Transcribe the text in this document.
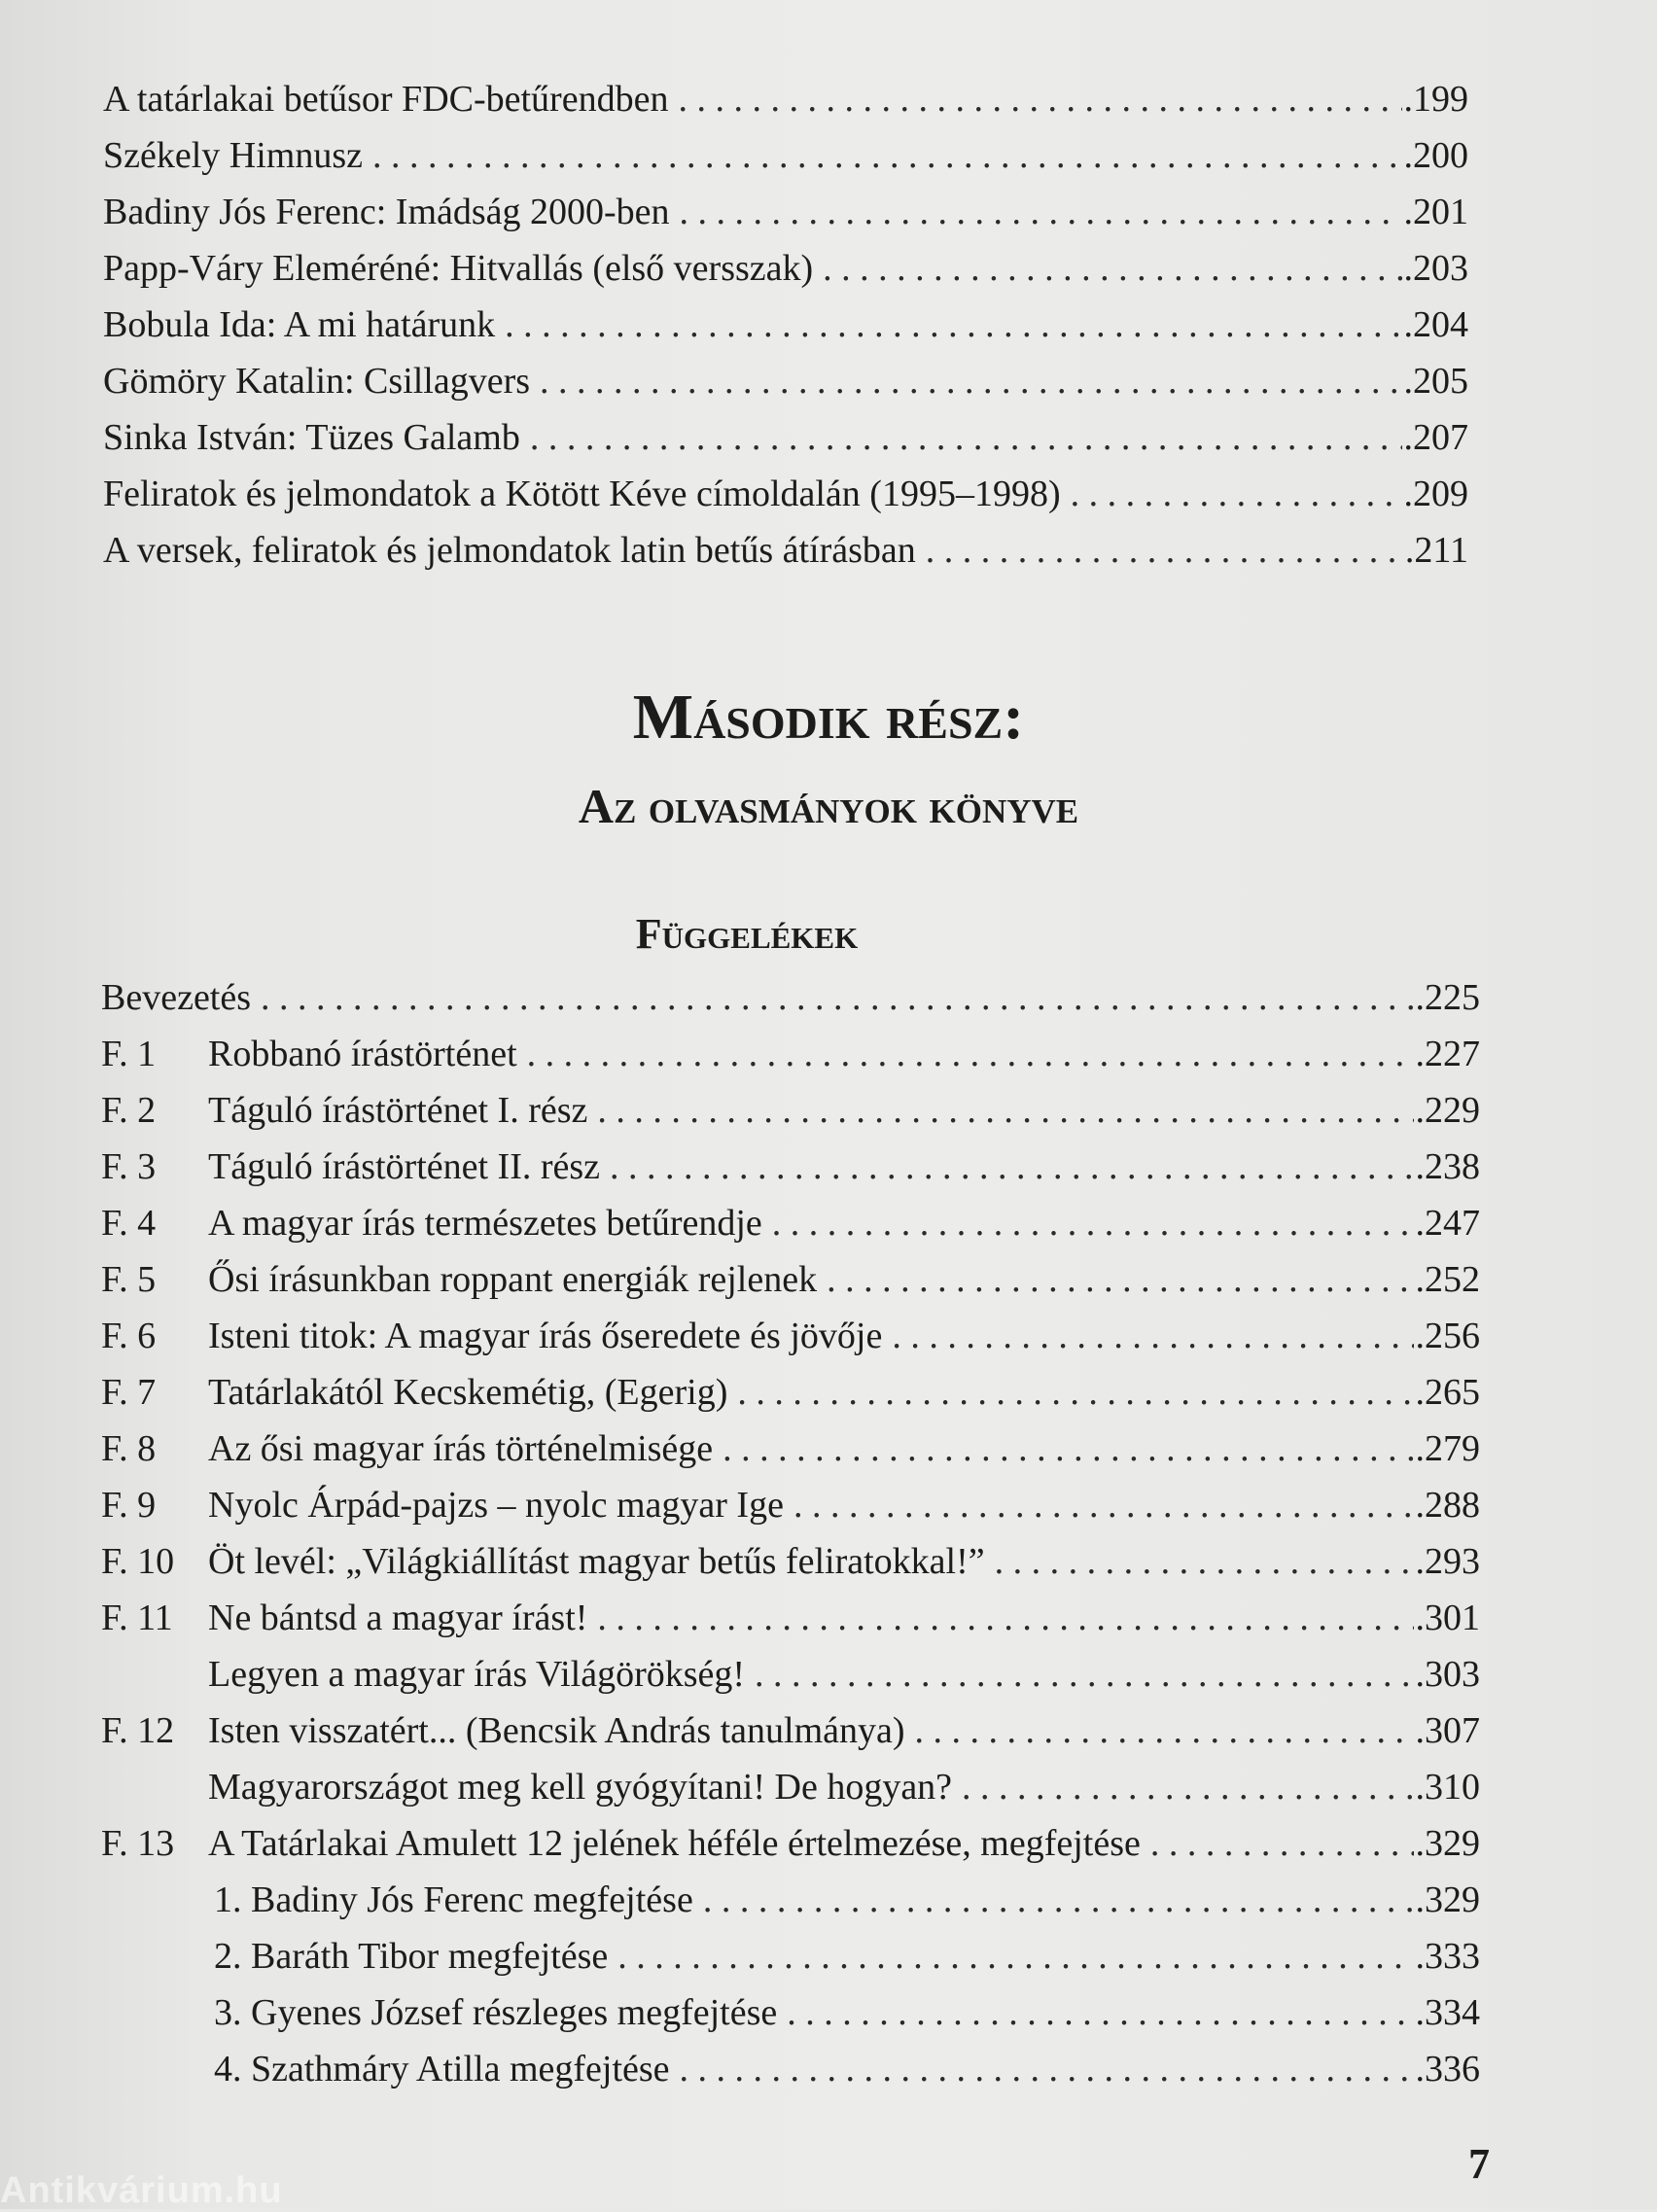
A tatárlakai betűsor FDC-betűrendben . . .	. 199
Székely Himnusz . . .	. 200
Badiny Jós Ferenc: Imádság 2000-ben . . .	. 201
Papp-Váry Eleméréné: Hitvallás (első versszak) . . .	. 203
Bobula Ida: A mi határunk . . .	. 204
Gömöry Katalin: Csillagvers . . .	. 205
Sinka István: Tüzes Galamb . . .	. 207
Feliratok és jelmondatok a Kötött Kéve címoldalán (1995–1998) . . .	. 209
A versek, feliratok és jelmondatok latin betűs átírásban . . .	. 211
Második rész:
Az olvasmányok könyve
Függelékek
Bevezetés . . .	. 225
F. 1	Robbanó írástörténet . . .	. 227
F. 2	Táguló írástörténet I. rész . . .	. 229
F. 3	Táguló írástörténet II. rész . . .	. 238
F. 4	A magyar írás természetes betűrendje . . .	. 247
F. 5	Ősi írásunkban roppant energiák rejlenek . . .	. 252
F. 6	Isteni titok: A magyar írás őseredete és jövője . . .	. 256
F. 7	Tatárlakától Kecskemétig, (Egerig) . . .	. 265
F. 8	Az ősi magyar írás történelmisége . . .	. 279
F. 9	Nyolc Árpád-pajzs – nyolc magyar Ige . . .	. 288
F. 10 Öt levél: „Világkiállítást magyar betűs feliratokkal!” . . .	. 293
F. 11 Ne bántsd a magyar írást! . . .	. 301
Legyen a magyar írás Világörökség! . . .	. 303
F. 12 Isten visszatért... (Bencsik András tanulmánya) . . .	. 307
Magyarországot meg kell gyógyítani! De hogyan? . . .	. 310
F. 13 A Tatárlakai Amulett 12 jelének héféle értelmezése, megfejtése . . .	. 329
1. Badiny Jós Ferenc megfejtése . . .	. 329
2. Baráth Tibor megfejtése . . .	. 333
3. Gyenes József részleges megfejtése . . .	. 334
4. Szathmáry Atilla megfejtése . . .	. 336
7
Antikvárium.hu
